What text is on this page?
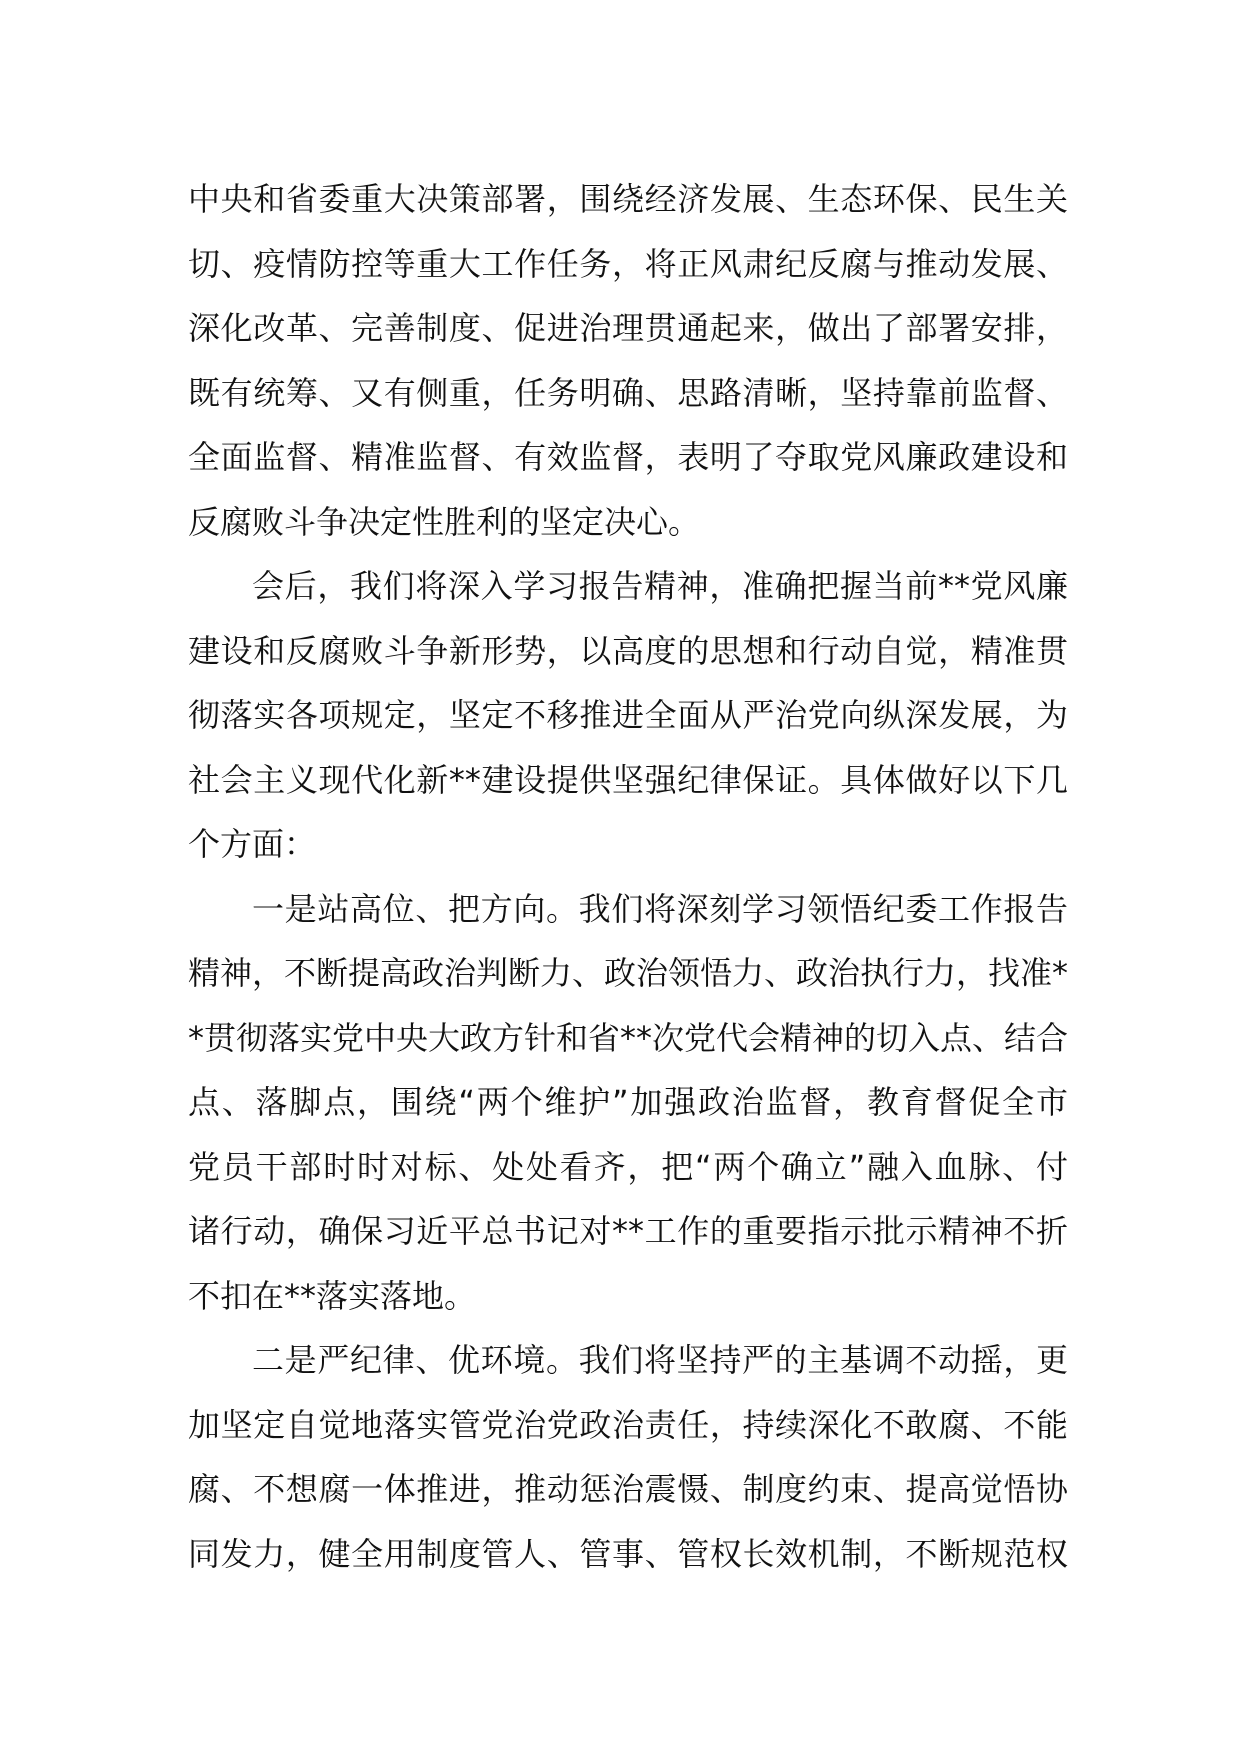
中央和省委重大决策部署，围绕经济发展、生态环保、民生关
切、疫情防控等重大工作任务，将正风肃纪反腐与推动发展、
深化改革、完善制度、促进治理贯通起来，做出了部署安排，
既有统筹、又有侧重，任务明确、思路清晰，坚持靠前监督、
全面监督、精准监督、有效监督，表明了夺取党风廉政建设和
反腐败斗争决定性胜利的坚定决心。
会后，我们将深入学习报告精神，准确把握当前**党风廉
建设和反腐败斗争新形势，以高度的思想和行动自觉，精准贯
彻落实各项规定，坚定不移推进全面从严治党向纵深发展，为
社会主义现代化新**建设提供坚强纪律保证。具体做好以下几
个方面：
一是站高位、把方向。我们将深刻学习领悟纪委工作报告
精神，不断提高政治判断力、政治领悟力、政治执行力，找准*
*贯彻落实党中央大政方针和省**次党代会精神的切入点、结合
点、落脚点，围绕“两个维护”加强政治监督，教育督促全市
党员干部时时对标、处处看齐，把“两个确立”融入血脉、付
诸行动，确保习近平总书记对**工作的重要指示批示精神不折
不扣在**落实落地。
二是严纪律、优环境。我们将坚持严的主基调不动摇，更
加坚定自觉地落实管党治党政治责任，持续深化不敢腐、不能
腐、不想腐一体推进，推动惩治震慑、制度约束、提高觉悟协
同发力，健全用制度管人、管事、管权长效机制，不断规范权
